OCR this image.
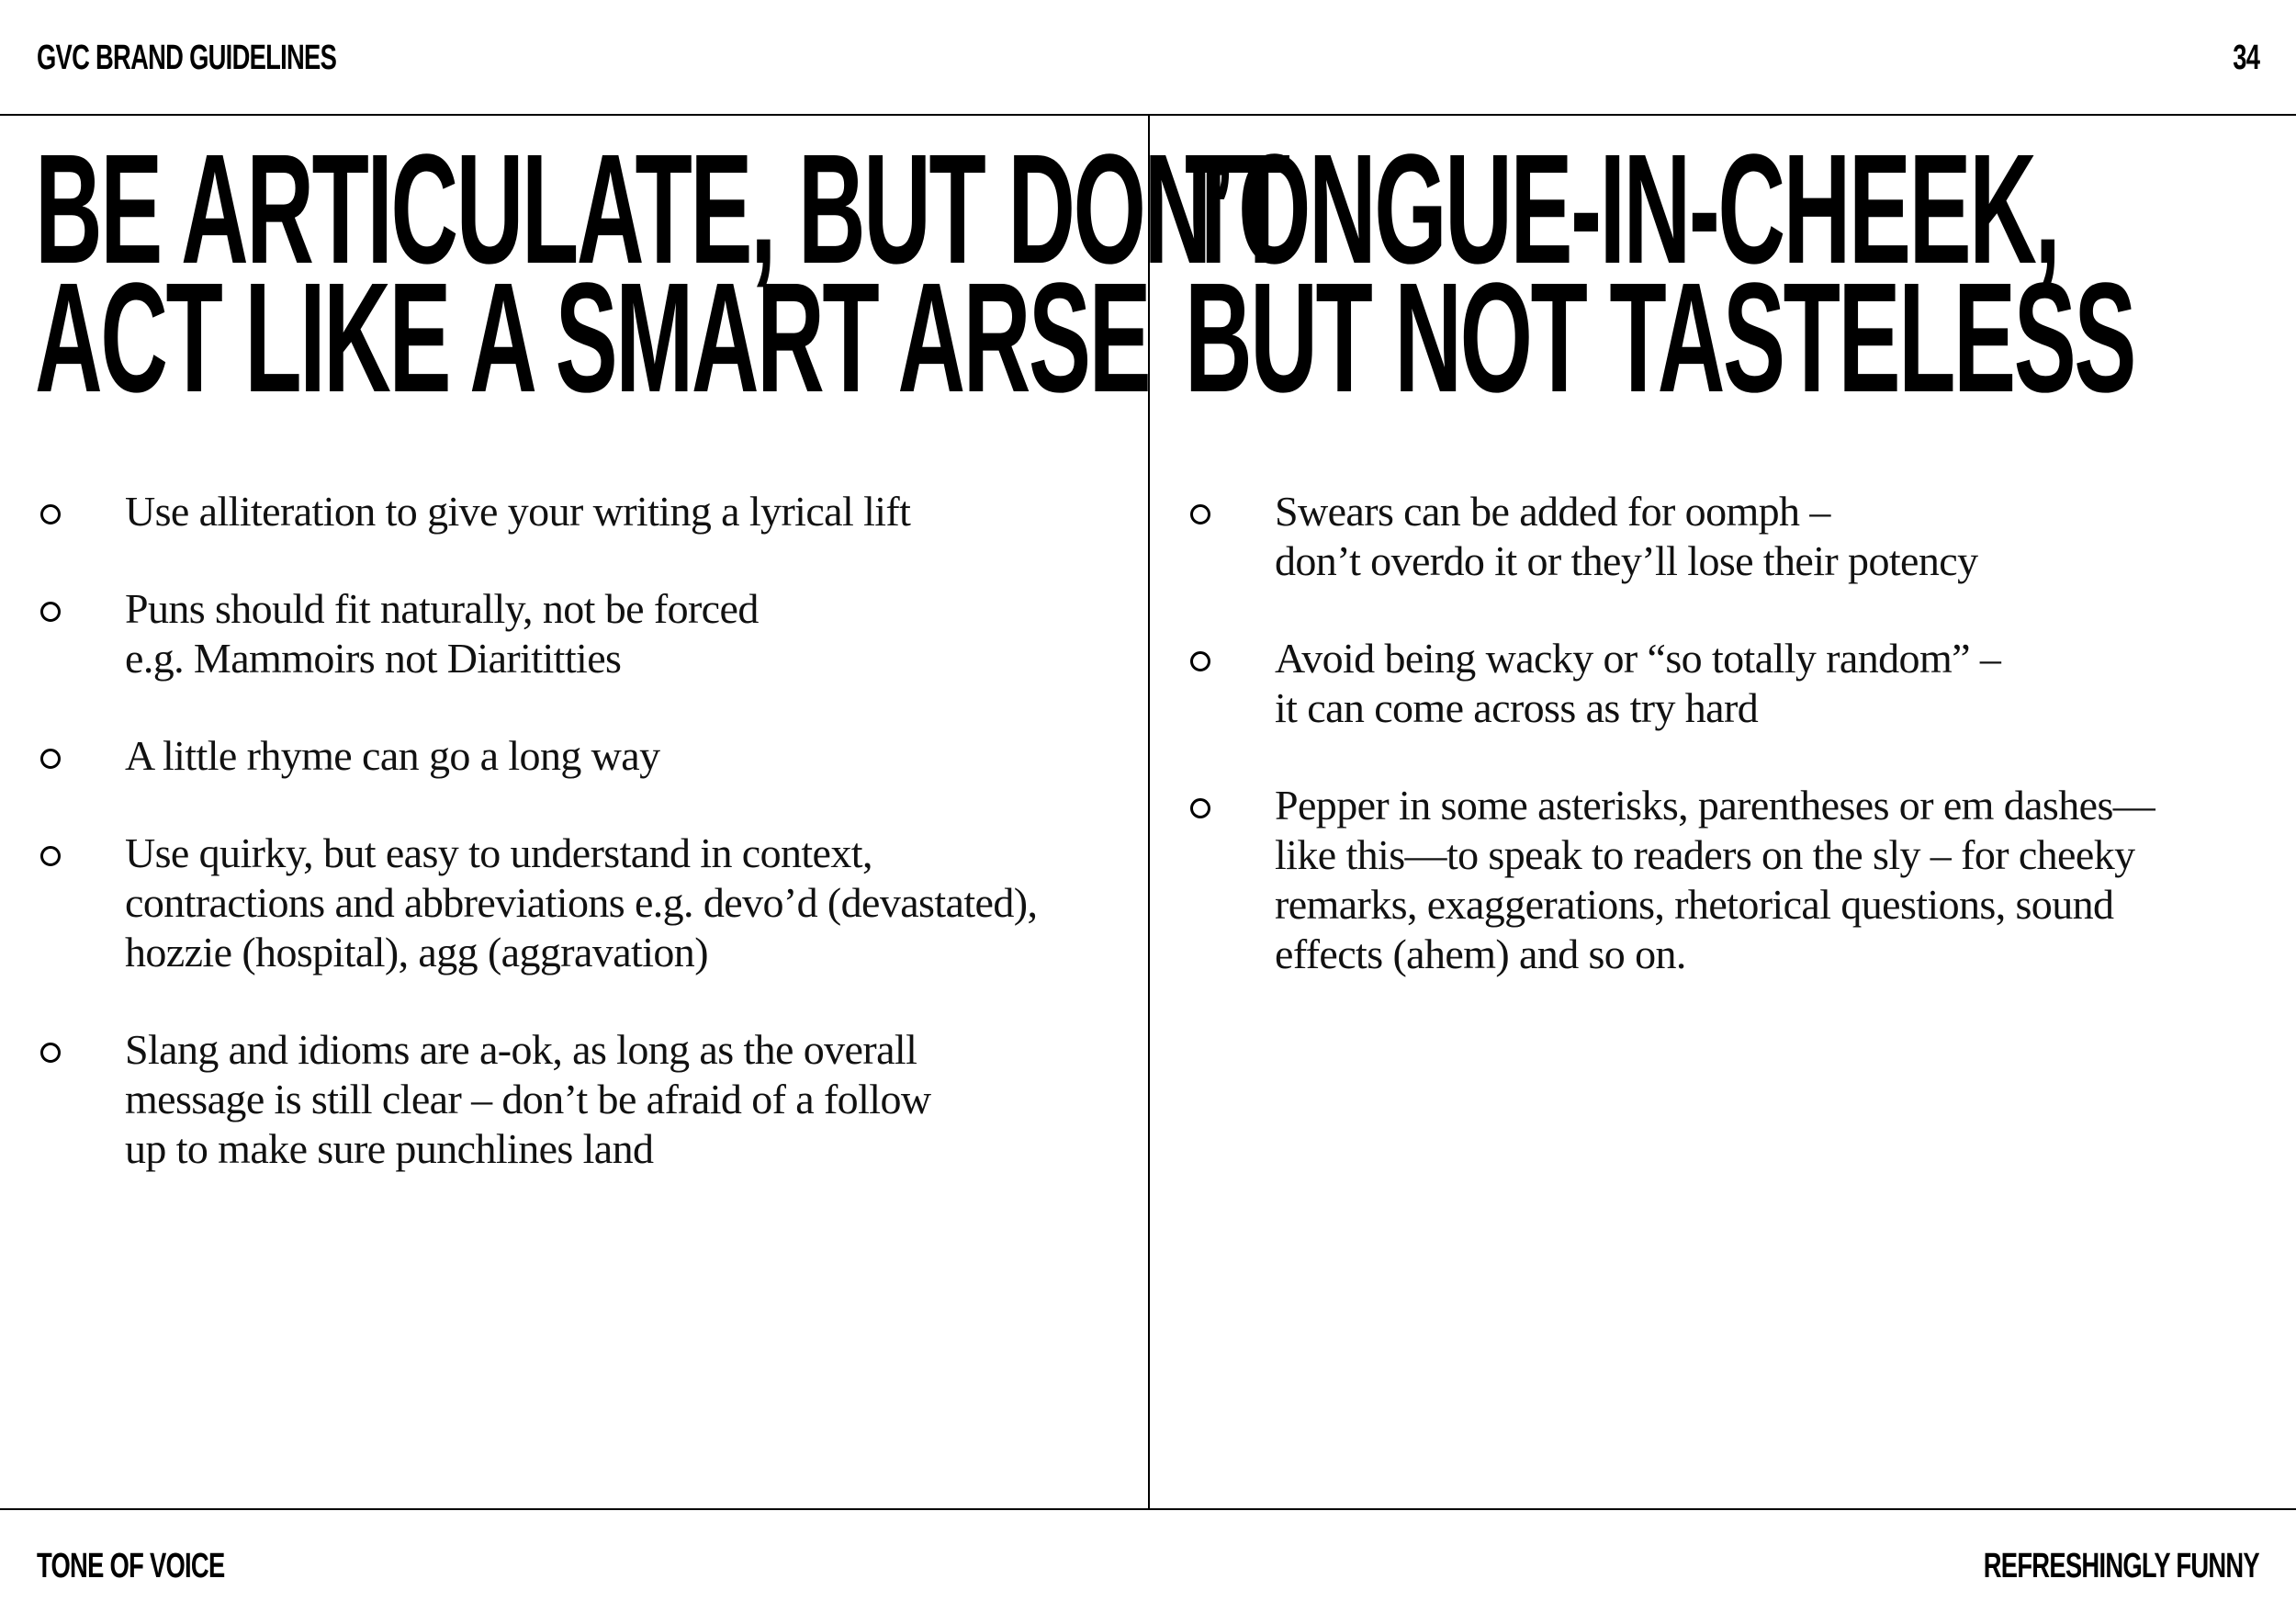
GVC BRAND GUIDELINES	34
BE ARTICULATE, BUT DON’T
ACT LIKE A SMART ARSE
TONGUE-IN-CHEEK,
BUT NOT TASTELESS
Use alliteration to give your writing a lyrical lift
Puns should fit naturally, not be forced
e.g. Mammoirs not Diarititties
A little rhyme can go a long way
Use quirky, but easy to understand in context,
contractions and abbreviations e.g. devo’d (devastated),
hozzie (hospital), agg (aggravation)
Slang and idioms are a-ok, as long as the overall
message is still clear – don’t be afraid of a follow
up to make sure punchlines land
Swears can be added for oomph –
don’t overdo it or they’ll lose their potency
Avoid being wacky or “so totally random” –
it can come across as try hard
Pepper in some asterisks, parentheses or em dashes—
like this—to speak to readers on the sly – for cheeky
remarks, exaggerations, rhetorical questions, sound
effects (ahem) and so on.
TONE OF VOICE	REFRESHINGLY FUNNY
